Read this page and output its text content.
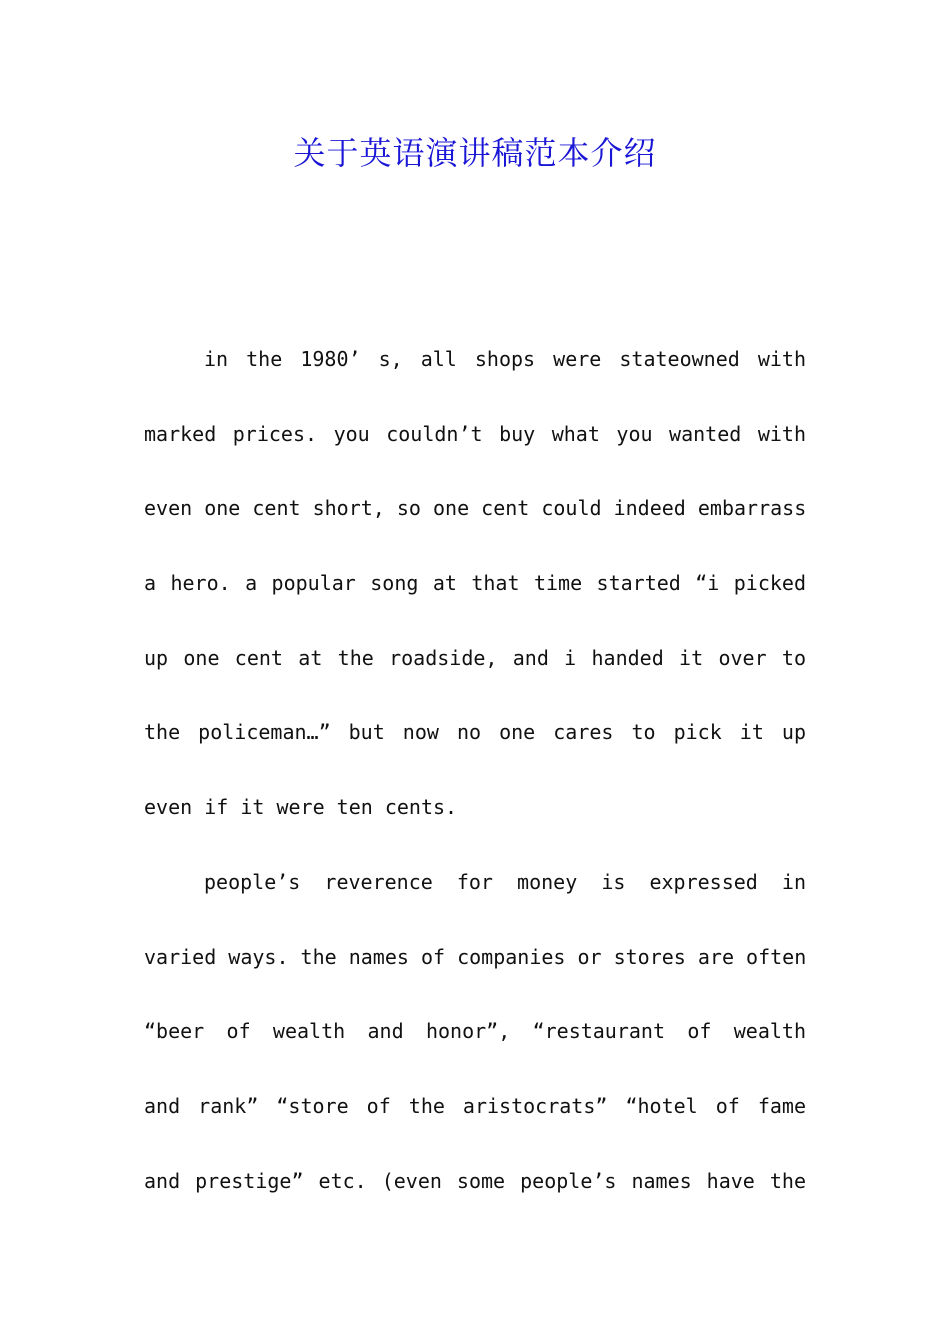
关于英语演讲稿范本介绍
in the 1980’ s, all shops were stateowned with
marked prices. you couldn’t buy what you wanted with
even one cent short, so one cent could indeed embarrass
a hero. a popular song at that time started “i picked
up one cent at the roadside, and i handed it over to
the policeman…” but now no one cares to pick it up
even if it were ten cents.
people’s reverence for money is expressed in
varied ways. the names of companies or stores are often
“beer of wealth and honor”, “restaurant of wealth
and rank” “store of the aristocrats” “hotel of fame
and prestige” etc. (even some people’s names have the
